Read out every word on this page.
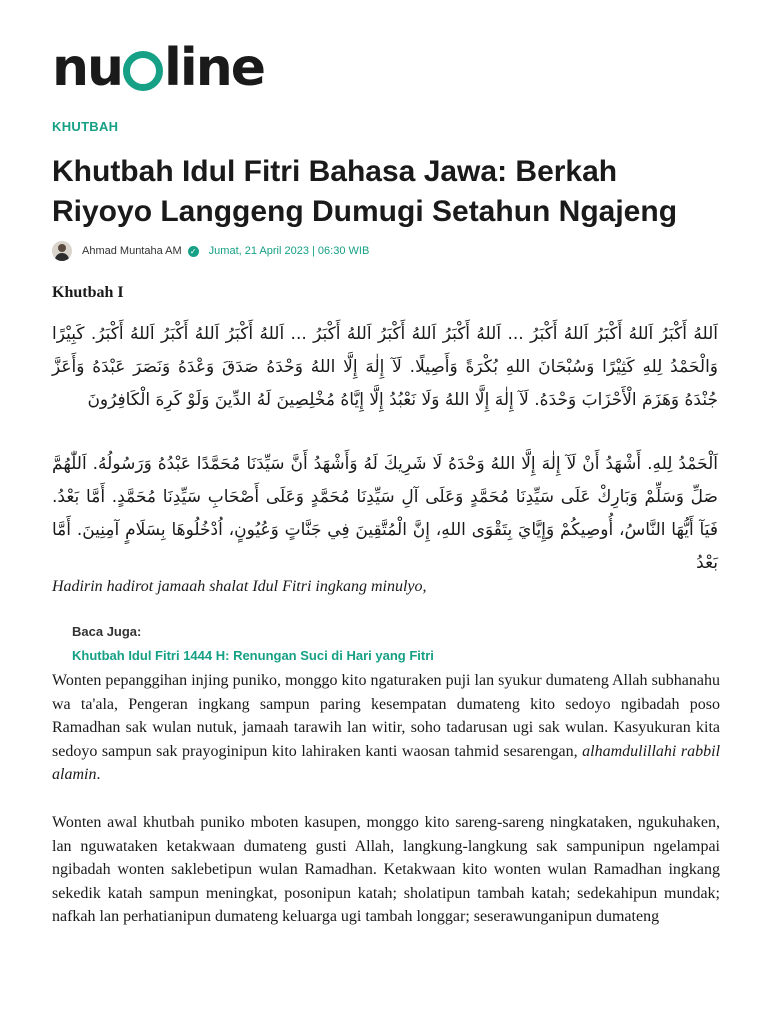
nu line
KHUTBAH
Khutbah Idul Fitri Bahasa Jawa: Berkah Riyoyo Langgeng Dumugi Setahun Ngajeng
Ahmad Muntaha AM ✓ Jumat, 21 April 2023 | 06:30 WIB
Khutbah I

اَللهُ أَكْبَرُ اَللهُ أَكْبَرُ اَللهُ أَكْبَرُ ... اَللهُ أَكْبَرُ اَللهُ أَكْبَرُ اَللهُ أَكْبَرُ ... اَللهُ أَكْبَرُ اَللهُ أَكْبَرُ اَللهُ أَكْبَرُ. كَبِيْرًا وَالْحَمْدُ لِلهِ كَثِيْرًا وَسُبْحَانَ اللهِ بُكْرَةً وَأَصِيلًا. لَآ إِلٰهَ إِلَّا اللهُ وَحْدَهُ صَدَقَ وَعْدَهُ وَنَصَرَ عَبْدَهُ وَأَعَزَّ جُنْدَهُ وَهَزَمَ الْأَحْزَابَ وَحْدَهُ. لَآ إِلٰهَ إِلَّا اللهُ وَلَا نَعْبُدُ إِلَّا إِيَّاهُ مُخْلِصِينَ لَهُ الدِّينَ وَلَوْ كَرِهَ الْكَافِرُونَ

اَلْحَمْدُ لِلهِ. أَشْهَدُ أَنْ لَآ إِلٰهَ إِلَّا اللهُ وَحْدَهُ لَا شَرِيكَ لَهُ وَأَشْهَدُ أَنَّ سَيِّدَنَا مُحَمَّدًا عَبْدُهُ وَرَسُولُهُ. اَللّٰهُمَّ صَلِّ وَسَلِّمْ وَبَارِكْ عَلَى سَيِّدِنَا مُحَمَّدٍ وَعَلَى آلِ سَيِّدِنَا مُحَمَّدٍ وَعَلَى أَصْحَابِ سَيِّدِنَا مُحَمَّدٍ. أَمَّا بَعْدُ. فَيَآ أَيُّهَا النَّاسُ، أُوصِيكُمْ وَإِيَّايَ بِتَقْوَى اللهِ، إِنَّ الْمُتَّقِينَ فِي جَنَّاتٍ وَعُيُونٍ، اُدْخُلُوهَا بِسَلَامٍ آمِنِينَ. أَمَّا بَعْدُ

Hadirin hadirot jamaah shalat Idul Fitri ingkang minulyo,
Baca Juga:
Khutbah Idul Fitri 1444 H: Renungan Suci di Hari yang Fitri

Wonten pepanggihan injing puniko, monggo kito ngaturaken puji lan syukur dumateng Allah subhanahu wa ta'ala, Pengeran ingkang sampun paring kesempatan dumateng kito sedoyo ngibadah poso Ramadhan sak wulan nutuk, jamaah tarawih lan witir, soho tadarusan ugi sak wulan. Kasyukuran kita sedoyo sampun sak prayoginipun kito lahiraken kanti waosan tahmid sesarengan, alhamdulillahi rabbil alamin.

Wonten awal khutbah puniko mboten kasupen, monggo kito sareng-sareng ningkataken, ngukuhaken, lan nguwataken ketakwaan dumateng gusti Allah, langkung-langkung sak sampunipun ngelampai ngibadah wonten saklebetipun wulan Ramadhan. Ketakwaan kito wonten wulan Ramadhan ingkang sekedik katah sampun meningkat, posonipun katah; sholatipun tambah katah; sedekahipun mundak; nafkah lan perhatianipun dumateng keluarga ugi tambah longgar; seserawunganipun dumateng
